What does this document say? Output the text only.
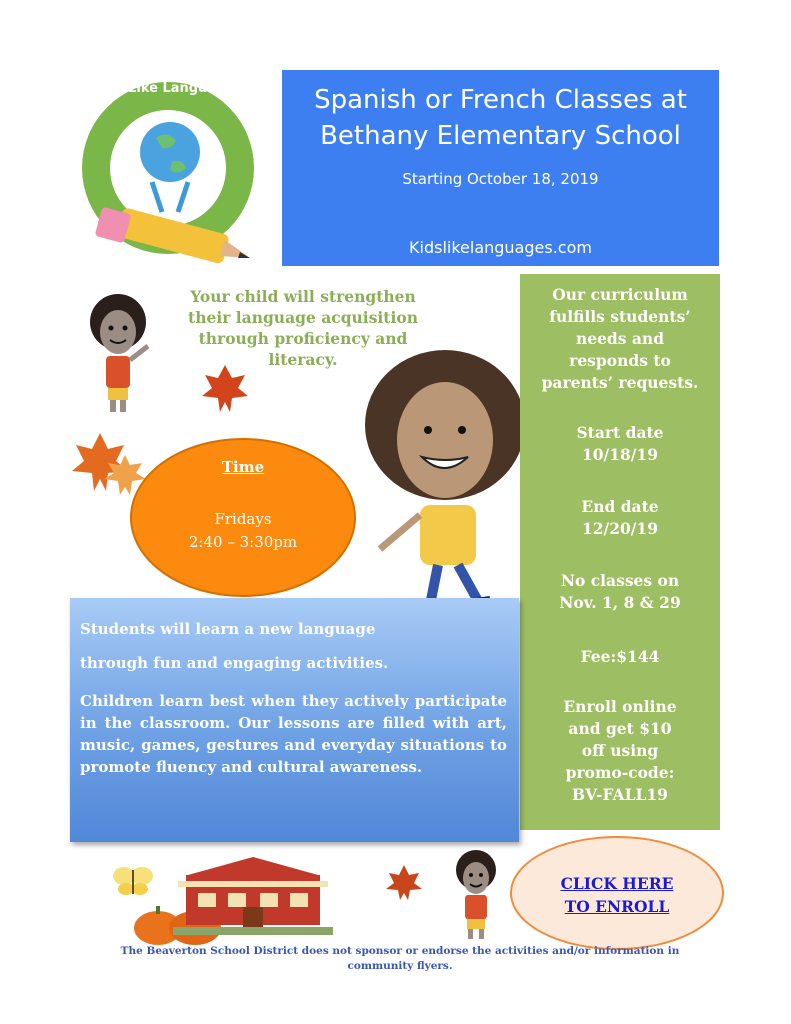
Kids Like Languages	Spanish or French Classes at
Bethany Elementary School
Starting October 18, 2019
Kidslikelanguages.com
Your child will strengthen
their language acquisition
through proficiency and
literacy.
Time
Fridays
2:40 – 3:30pm
Our curriculum
fulfills students’
needs and
responds to
parents’ requests.
Start date
10/18/19
End date
12/20/19
No classes on
Nov. 1, 8 & 29
Fee:$144
Enroll online
and get $10
off using
promo-code:
BV-FALL19
Students will learn a new language
through fun and engaging activities.
Children learn best when they actively participate in the classroom. Our lessons are filled with art, music, games, gestures and everyday situations to promote fluency and cultural awareness.
CLICK HERE
TO ENROLL
The Beaverton School District does not sponsor or endorse the activities and/or information in
community flyers.
